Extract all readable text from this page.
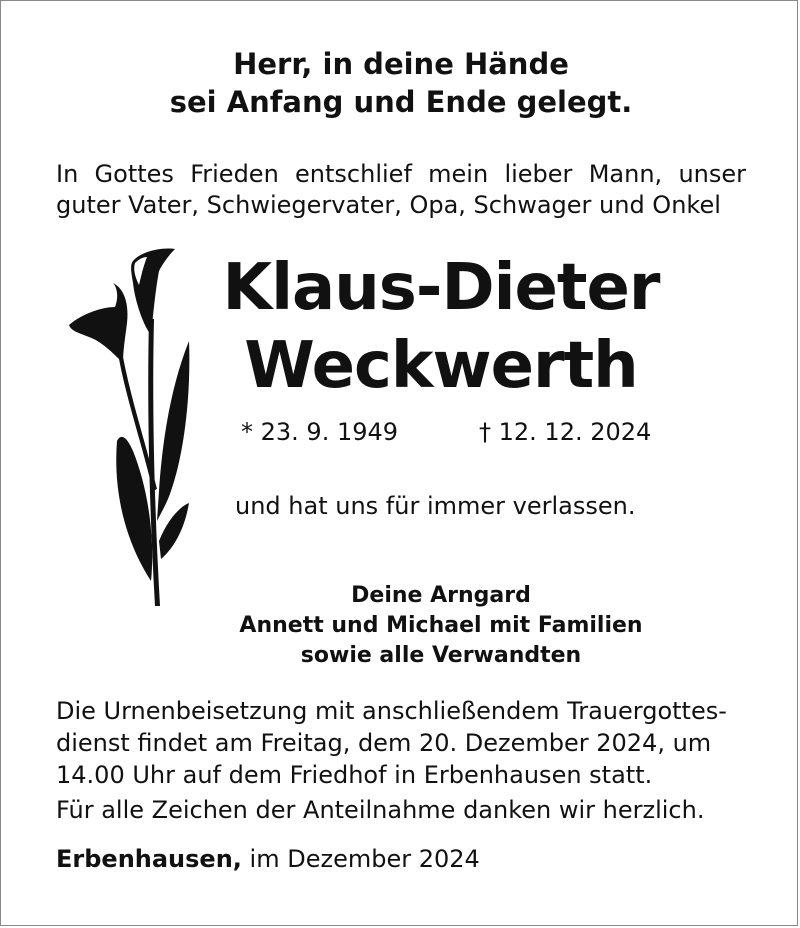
Herr, in deine Hände
sei Anfang und Ende gelegt.
In Gottes Frieden entschlief mein lieber Mann, unser
guter Vater, Schwiegervater, Opa, Schwager und Onkel
Klaus-Dieter
Weckwerth
* 23. 9. 1949	† 12. 12. 2024
und hat uns für immer verlassen.
Deine Arngard
Annett und Michael mit Familien
sowie alle Verwandten
Die Urnenbeisetzung mit anschließendem Trauergottes-
dienst findet am Freitag, dem 20. Dezember 2024, um
14.00 Uhr auf dem Friedhof in Erbenhausen statt.
Für alle Zeichen der Anteilnahme danken wir herzlich.
Erbenhausen, im Dezember 2024
